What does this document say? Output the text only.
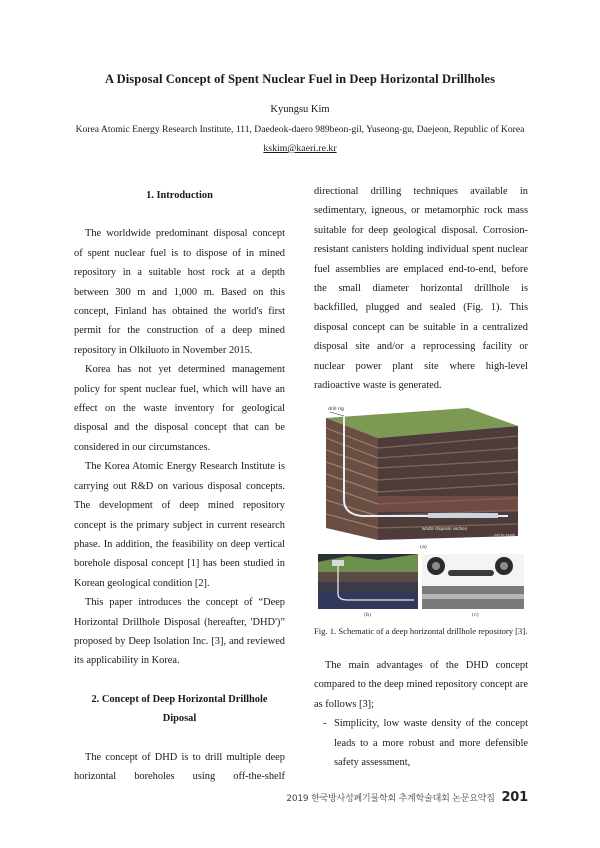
A Disposal Concept of Spent Nuclear Fuel in Deep Horizontal Drillholes
Kyungsu Kim
Korea Atomic Energy Research Institute, 111, Daedeok-daero 989beon-gil, Yuseong-gu, Daejeon, Republic of Korea
kskim@kaeri.re.kr
1. Introduction

The worldwide predominant disposal concept of spent nuclear fuel is to dispose of in mined repository in a suitable host rock at a depth between 300 m and 1,000 m. Based on this concept, Finland has obtained the world's first permit for the construction of a deep mined repository in Olkiluoto in November 2015.

Korea has not yet determined management policy for spent nuclear fuel, which will have an effect on the waste inventory for geological disposal and the disposal concept that can be considered in our circumstances.

The Korea Atomic Energy Research Institute is carrying out R&D on various disposal concepts. The development of deep mined repository concept is the primary subject in current research phase. In addition, the feasibility on deep vertical borehole disposal concept [1] has been studied in Korean geological condition [2].

This paper introduces the concept of “Deep Horizontal Drillhole Disposal (hereafter, 'DHD')” proposed by Deep Isolation Inc. [3], and reviewed its applicability in Korea.

2. Concept of Deep Horizontal Drillhole Diposal

The concept of DHD is to drill multiple deep horizontal boreholes using off-the-shelf

directional drilling techniques available in sedimentary, igneous, or metamorphic rock mass suitable for deep geological disposal. Corrosion-resistant canisters holding individual spent nuclear fuel assemblies are emplaced end-to-end, before the small diameter horizontal drillhole is backfilled, plugged and sealed (Fig. 1). This disposal concept can be suitable in a centralized disposal site and/or a reprocessing facility or nuclear power plant site where high-level radioactive waste is generated.

drill rig
waste disposal section
not to scale
(a)
(b)	(c)
Fig. 1. Schematic of a deep horizontal drillhole repository [3].

The main advantages of the DHD concept compared to the deep mined repository concept are as follows [3];

- Simplicity, low waste density of the concept leads to a more robust and more defensible safety assessment,
2019 한국방사성폐기물학회 추계학술대회 논문요약집 201
